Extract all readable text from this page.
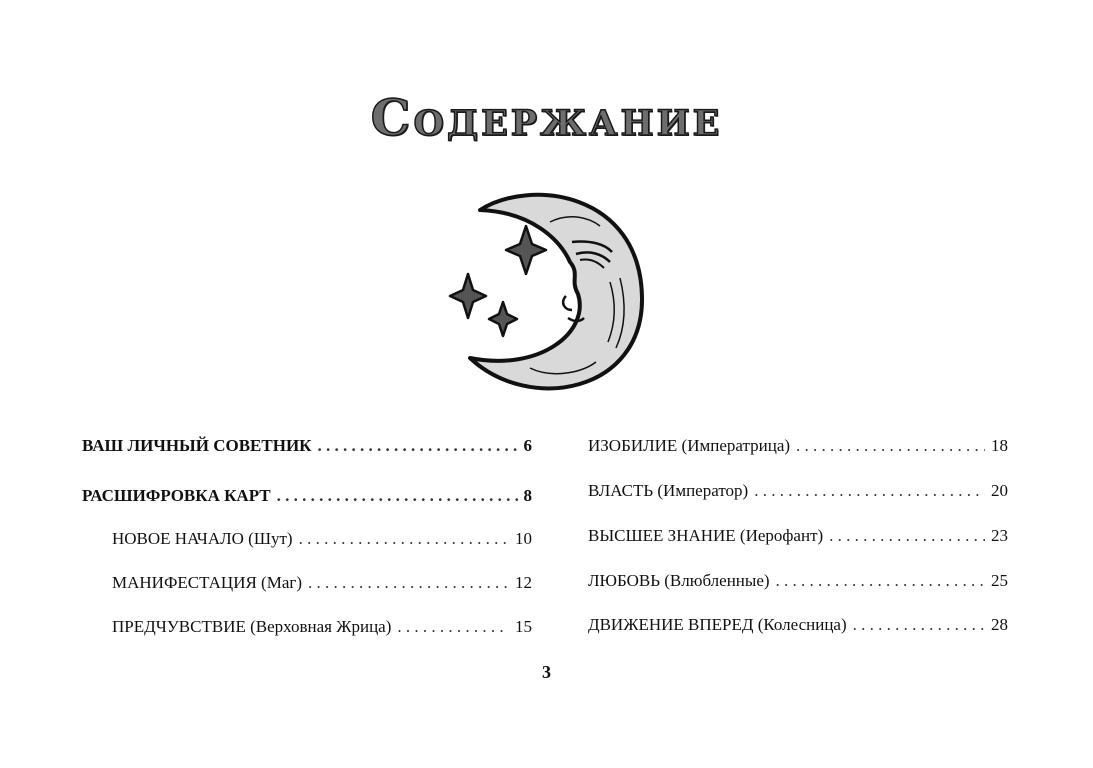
Содержание
ВАШ ЛИЧНЫЙ СОВЕТНИК . . .	6
РАСШИФРОВКА КАРТ . . .	8
НОВОЕ НАЧАЛО (Шут) . . .	10
МАНИФЕСТАЦИЯ (Маг) . . .	12
ПРЕДЧУВСТВИЕ (Верховная Жрица) . . .	15
ИЗОБИЛИЕ (Императрица) . . .	18
ВЛАСТЬ (Император) . . .	20
ВЫСШЕЕ ЗНАНИЕ (Иерофант) . . .	23
ЛЮБОВЬ (Влюбленные) . . .	25
ДВИЖЕНИЕ ВПЕРЕД (Колесница) . . .	28
3
